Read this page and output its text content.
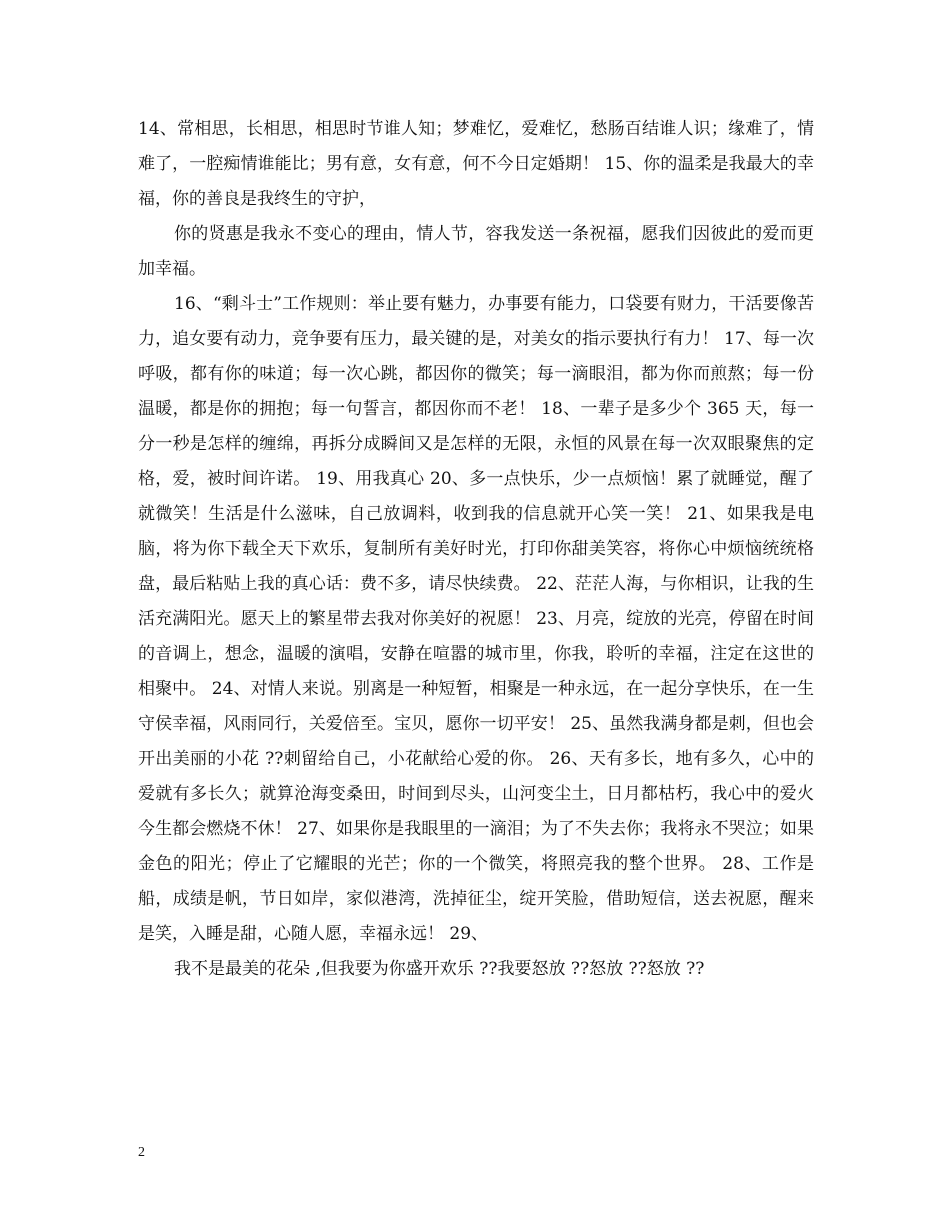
14、常相思，长相思，相思时节谁人知；梦难忆，爱难忆，愁肠百结谁人识；缘难了，情难了，一腔痴情谁能比；男有意，女有意，何不今日定婚期！ 15、你的温柔是我最大的幸福，你的善良是我终生的守护，

你的贤惠是我永不变心的理由，情人节，容我发送一条祝福，愿我们因彼此的爱而更加幸福。

16、“剩斗士”工作规则：举止要有魅力，办事要有能力，口袋要有财力，干活要像苦力，追女要有动力，竞争要有压力，最关键的是，对美女的指示要执行有力！ 17、每一次呼吸，都有你的味道；每一次心跳，都因你的微笑；每一滴眼泪，都为你而煎熬；每一份温暖，都是你的拥抱；每一句誓言，都因你而不老！ 18、一辈子是多少个 365 天，每一分一秒是怎样的缠绵，再拆分成瞬间又是怎样的无限，永恒的风景在每一次双眼聚焦的定格，爱，被时间许诺。 19、用我真心 20、多一点快乐，少一点烦恼！累了就睡觉，醒了就微笑！生活是什么滋味，自己放调料，收到我的信息就开心笑一笑！ 21、如果我是电脑，将为你下载全天下欢乐，复制所有美好时光，打印你甜美笑容，将你心中烦恼统统格盘，最后粘贴上我的真心话：费不多，请尽快续费。 22、茫茫人海，与你相识，让我的生活充满阳光。愿天上的繁星带去我对你美好的祝愿！ 23、月亮，绽放的光亮，停留在时间的音调上，想念，温暖的演唱，安静在喧嚣的城市里，你我，聆听的幸福，注定在这世的相聚中。 24、对情人来说。别离是一种短暂，相聚是一种永远，在一起分享快乐，在一生守侯幸福，风雨同行，关爱倍至。宝贝，愿你一切平安！ 25、虽然我满身都是刺，但也会开出美丽的小花 ??刺留给自己，小花献给心爱的你。 26、天有多长，地有多久，心中的爱就有多长久；就算沧海变桑田，时间到尽头，山河变尘土，日月都枯朽，我心中的爱火今生都会燃烧不休！ 27、如果你是我眼里的一滴泪；为了不失去你；我将永不哭泣；如果金色的阳光；停止了它耀眼的光芒；你的一个微笑，将照亮我的整个世界。 28、工作是船，成绩是帆，节日如岸，家似港湾，洗掉征尘，绽开笑脸，借助短信，送去祝愿，醒来是笑，入睡是甜，心随人愿，幸福永远！ 29、

我不是最美的花朵 ,但我要为你盛开欢乐 ??我要怒放 ??怒放 ??怒放 ??

2
